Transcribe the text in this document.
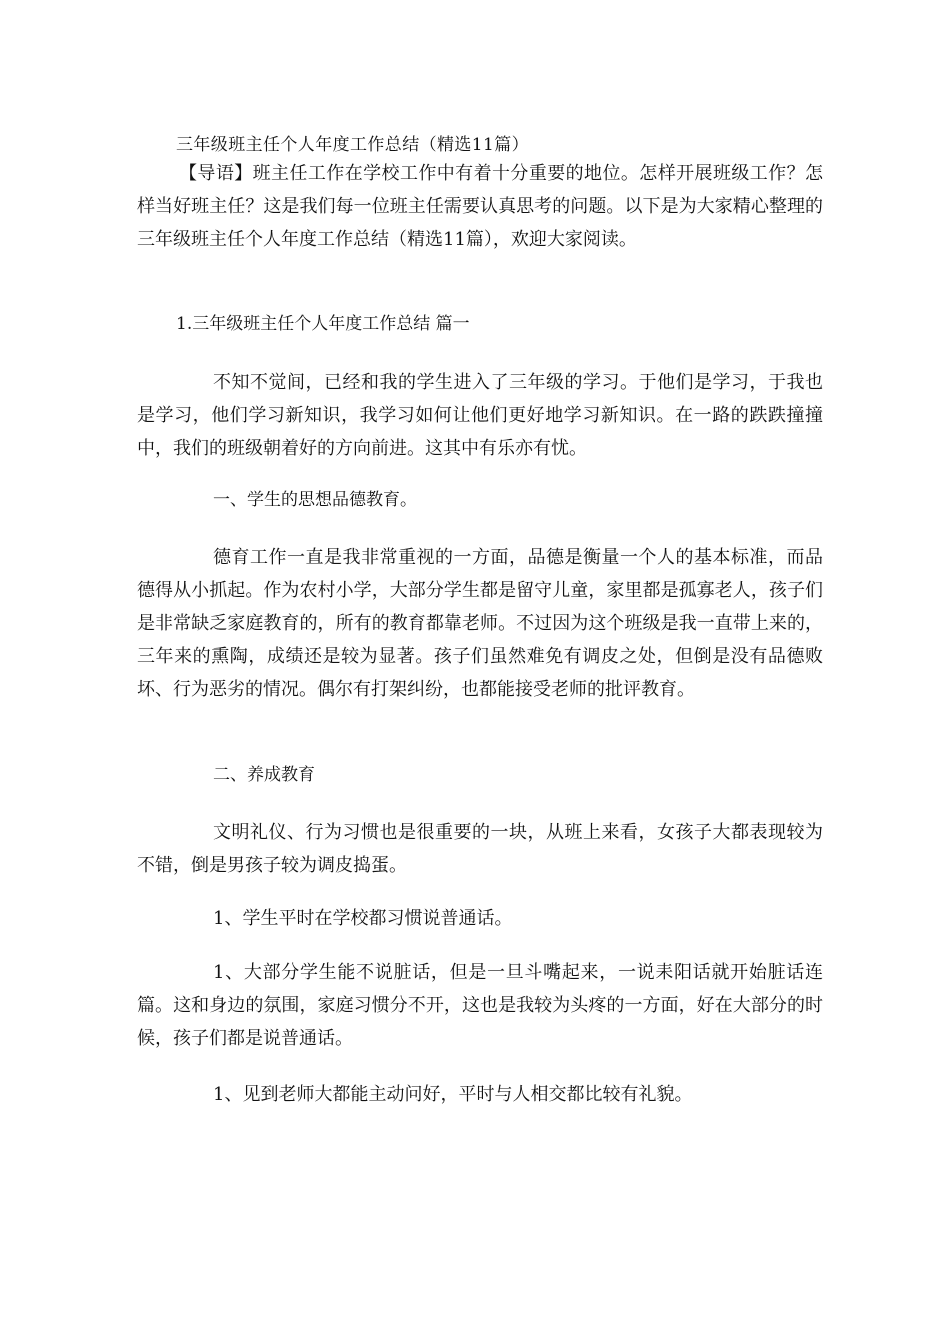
三年级班主任个人年度工作总结（精选11篇）

【导语】班主任工作在学校工作中有着十分重要的地位。怎样开展班级工作？怎样当好班主任？这是我们每一位班主任需要认真思考的问题。以下是为大家精心整理的三年级班主任个人年度工作总结（精选11篇），欢迎大家阅读。

1.三年级班主任个人年度工作总结 篇一

不知不觉间，已经和我的学生进入了三年级的学习。于他们是学习，于我也是学习，他们学习新知识，我学习如何让他们更好地学习新知识。在一路的跌跌撞撞中，我们的班级朝着好的方向前进。这其中有乐亦有忧。

一、学生的思想品德教育。

德育工作一直是我非常重视的一方面，品德是衡量一个人的基本标准，而品德得从小抓起。作为农村小学，大部分学生都是留守儿童，家里都是孤寡老人，孩子们是非常缺乏家庭教育的，所有的教育都靠老师。不过因为这个班级是我一直带上来的，三年来的熏陶，成绩还是较为显著。孩子们虽然难免有调皮之处，但倒是没有品德败坏、行为恶劣的情况。偶尔有打架纠纷，也都能接受老师的批评教育。

二、养成教育

文明礼仪、行为习惯也是很重要的一块，从班上来看，女孩子大都表现较为不错，倒是男孩子较为调皮捣蛋。

1、学生平时在学校都习惯说普通话。

1、大部分学生能不说脏话，但是一旦斗嘴起来，一说耒阳话就开始脏话连篇。这和身边的氛围，家庭习惯分不开，这也是我较为头疼的一方面，好在大部分的时候，孩子们都是说普通话。

1、见到老师大都能主动问好，平时与人相交都比较有礼貌。
